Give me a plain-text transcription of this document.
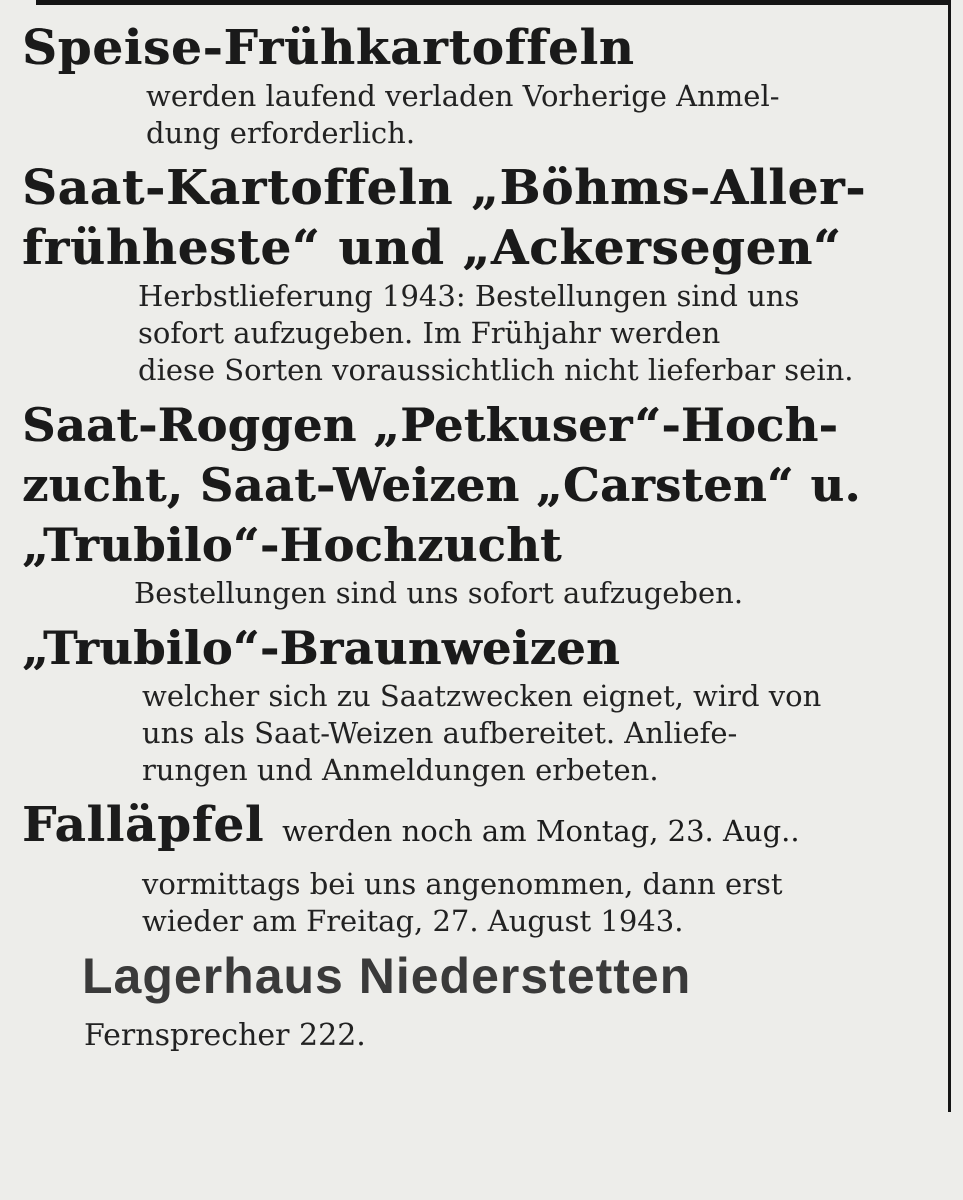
Speise-Frühkartoffeln

werden laufend verladen Vorherige Anmel-

dung erforderlich.

Saat-Kartoffeln „Böhms-Aller-

frühheste“ und „Ackersegen“

Herbstlieferung 1943: Bestellungen sind uns

sofort aufzugeben. Im Frühjahr werden

diese Sorten voraussichtlich nicht lieferbar sein.

Saat-Roggen „Petkuser“-Hoch-

zucht, Saat-Weizen „Carsten“ u.

„Trubilo“-Hochzucht

Bestellungen sind uns sofort aufzugeben.

„Trubilo“-Braunweizen

welcher sich zu Saatzwecken eignet, wird von

uns als Saat-Weizen aufbereitet. Anliefe-

rungen und Anmeldungen erbeten.

Falläpfel werden noch am Montag, 23. Aug..

vormittags bei uns angenommen, dann erst

wieder am Freitag, 27. August 1943.

Lagerhaus Niederstetten

Fernsprecher 222.
